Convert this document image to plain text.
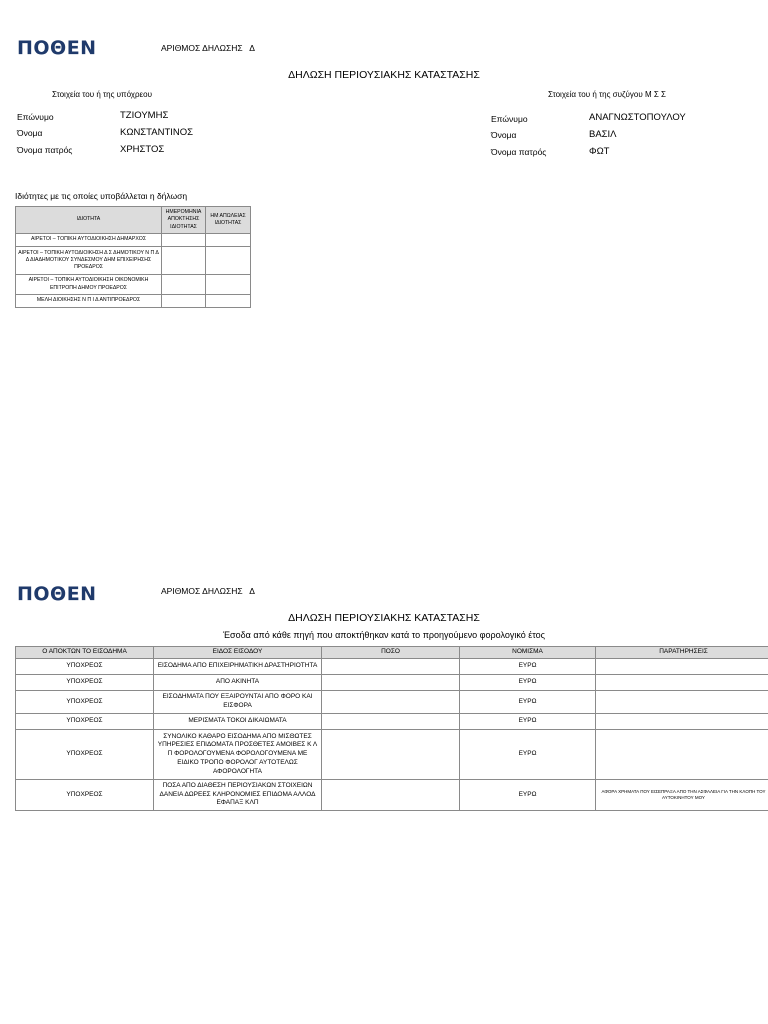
ΠΟΘΕΝ	ΑΡΙΘΜΟΣ ΔΗΛΩΣΗΣ Δ
ΔΗΛΩΣΗ ΠΕΡΙΟΥΣΙΑΚΗΣ ΚΑΤΑΣΤΑΣΗΣ
Στοιχεία του ή της υπόχρεου	Στοιχεία του ή της συζύγου Μ Σ Σ
Επώνυμο	ΤΖΙΟΥΜΗΣ
Όνομα	ΚΩΝΣΤΑΝΤΙΝΟΣ
Όνομα πατρός	ΧΡΗΣΤΟΣ
Επώνυμο	ΑΝΑΓΝΩΣΤΟΠΟΥΛΟΥ
Όνομα	ΒΑΣΙΛ
Όνομα πατρός	ΦΩΤ
Ιδιότητες με τις οποίες υποβάλλεται η δήλωση
ΙΔΙΟΤΗΤΑ	ΗΜΕΡΟΜΗΝΙΑ ΑΠΟΚΤΗΣΗΣ ΙΔΙΟΤΗΤΑΣ	ΗΜ ΑΠΩΛΕΙΑΣ ΙΔΙΟΤΗΤΑΣ
ΑΙΡΕΤΟΙ – ΤΟΠΙΚΗ ΑΥΤΟΔΙΟΙΚΗΣΗ ΔΗΜΑΡΧΟΣ		
ΑΙΡΕΤΟΙ – ΤΟΠΙΚΗ ΑΥΤΟΔΙΟΙΚΗΣΗ Δ Σ ΔΗΜΟΤΙΚΟΥ Ν Π Δ Δ ΔΙΑΔΗΜΟΤΙΚΟΥ ΣΥΝΔΕΣΜΟΥ ΔΗΜ ΕΠΙΧΕΙΡΗΣΗΣ ΠΡΟΕΔΡΟΣ		
ΑΙΡΕΤΟΙ – ΤΟΠΙΚΗ ΑΥΤΟΔΙΟΙΚΗΣΗ ΟΙΚΟΝΟΜΙΚΗ ΕΠΙΤΡΟΠΗ ΔΗΜΟΥ ΠΡΟΕΔΡΟΣ		
ΜΕΛΗ ΔΙΟΙΚΗΣΗΣ Ν Π Ι Δ ΑΝΤΙΠΡΟΕΔΡΟΣ		
ΠΟΘΕΝ	ΑΡΙΘΜΟΣ ΔΗΛΩΣΗΣ Δ
ΔΗΛΩΣΗ ΠΕΡΙΟΥΣΙΑΚΗΣ ΚΑΤΑΣΤΑΣΗΣ
Έσοδα από κάθε πηγή που αποκτήθηκαν κατά το προηγούμενο φορολογικό έτος
Ο ΑΠΟΚΤΩΝ ΤΟ ΕΙΣΟΔΗΜΑ	ΕΙΔΟΣ ΕΙΣΟΔΟΥ	ΠΟΣΟ	ΝΟΜΙΣΜΑ	ΠΑΡΑΤΗΡΗΣΕΙΣ
ΥΠΟΧΡΕΟΣ	ΕΙΣΟΔΗΜΑ ΑΠΟ ΕΠΙΧΕΙΡΗΜΑΤΙΚΗ ΔΡΑΣΤΗΡΙΟΤΗΤΑ		ΕΥΡΩ	
ΥΠΟΧΡΕΟΣ	ΑΠΟ ΑΚΙΝΗΤΑ		ΕΥΡΩ	
ΥΠΟΧΡΕΟΣ	ΕΙΣΟΔΗΜΑΤΑ ΠΟΥ ΕΞΑΙΡΟΥΝΤΑΙ ΑΠΟ ΦΟΡΟ ΚΑΙ ΕΙΣΦΟΡΑ		ΕΥΡΩ	
ΥΠΟΧΡΕΟΣ	ΜΕΡΙΣΜΑΤΑ ΤΟΚΟΙ ΔΙΚΑΙΩΜΑΤΑ		ΕΥΡΩ	
ΥΠΟΧΡΕΟΣ	ΣΥΝΟΛΙΚΟ ΚΑΘΑΡΟ ΕΙΣΟΔΗΜΑ ΑΠΟ ΜΙΣΘΩΤΕΣ ΥΠΗΡΕΣΙΕΣ ΕΠΙΔΟΜΑΤΑ ΠΡΟΣΘΕΤΕΣ ΑΜΟΙΒΕΣ Κ Λ Π ΦΟΡΟΛΟΓΟΥΜΕΝΑ ΦΟΡΟΛΟΓΟΥΜΕΝΑ ΜΕ ΕΙΔΙΚΟ ΤΡΟΠΟ ΦΟΡΟΛΟΓ ΑΥΤΟΤΕΛΩΣ ΑΦΟΡΟΛΟΓΗΤΑ		ΕΥΡΩ	
ΥΠΟΧΡΕΟΣ	ΠΟΣΑ ΑΠΟ ΔΙΑΘΕΣΗ ΠΕΡΙΟΥΣΙΑΚΩΝ ΣΤΟΙΧΕΙΩΝ ΔΑΝΕΙΑ ΔΩΡΕΕΣ ΚΛΗΡΟΝΟΜΙΕΣ ΕΠΙΔΟΜΑ ΑΛΛΟΔ ΕΦΑΠΑΞ ΚΛΠ		ΕΥΡΩ	ΑΦΟΡΑ ΧΡΗΜΑΤΑ ΠΟΥ ΕΙΣΕΠΡΑΞΑ ΑΠΟ ΤΗΝ ΑΣΦΑΛΕΙΑ ΓΙΑ ΤΗΝ ΚΛΟΠΗ ΤΟΥ ΑΥΤΟΚΙΝΗΤΟΥ ΜΟΥ
